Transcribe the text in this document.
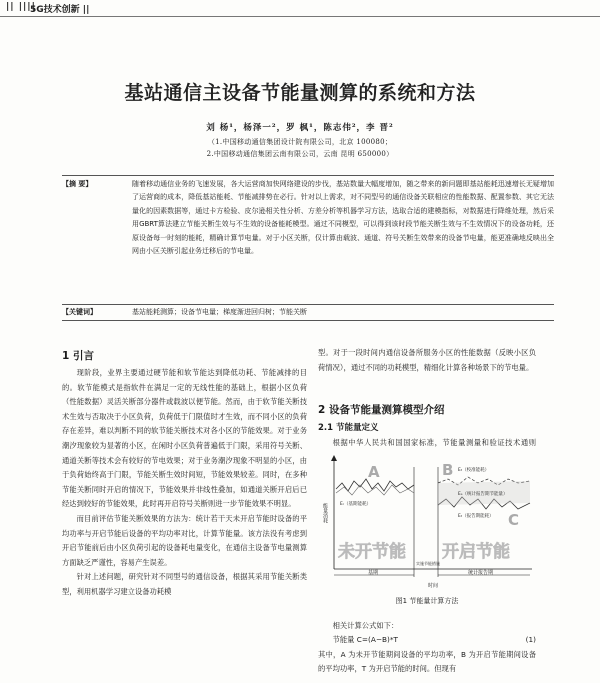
|| ||||
5G技术创新 ||
基站通信主设备节能量测算的系统和方法
刘 杨¹，杨泽一²，罗 枫¹，陈志伟²，李 晋²
（1.中国移动通信集团设计院有限公司，北京 100080；
2.中国移动通信集团云南有限公司，云南 昆明 650000）
【摘 要】	随着移动通信业务的飞速发展，各大运营商加快网络建设的步伐，基站数量大幅度增加，随之带来的新问题即基站能耗迅速增长无疑增加了运营商的成本，降低基站能耗、节能减排势在必行。针对以上需求，对不同型号的通信设备关联相应的性能数据、配置参数、其它无法量化的因素数据等，通过卡方检验、皮尔逊相关性分析、方差分析等机器学习方法，选取合适的建模指标，对数据进行降维处理，然后采用GBRT算法建立节能关断生效与不生效的设备能耗模型。通过不同模型，可以得到该时段节能关断生效与不生效情况下的设备功耗，还原设备每一时刻的能耗，精确计算节电量。对于小区关断，仅计算由载波、通道、符号关断生效带来的设备节电量，能更准确地反映出全网由小区关断引起业务迁移后的节电量。
【关键词】	基站能耗测算；设备节电量；梯度渐进回归树；节能关断
1 引言

现阶段，业界主要通过硬节能和软节能达到降低功耗、节能减排的目的。软节能模式是指软件在满足一定的无线性能的基础上，根据小区负荷（性能数据）灵活关断部分器件或载波以便节能。然而，由于软节能关断技术生效与否取决于小区负荷，负荷低于门限值时才生效，而不同小区的负荷存在差异，难以判断不同的软节能关断技术对各小区的节能效果。对于业务潮汐现象较为显著的小区，在闲时小区负荷普遍低于门限，采用符号关断、通道关断等技术会有较好的节电效果；对于业务潮汐现象不明显的小区，由于负荷始终高于门限，节能关断生效时间短，节能效果较差。同时，在多种节能关断同时开启的情况下，节能效果并非线性叠加，如通道关断开启后已经达到较好的节能效果，此时再开启符号关断则进一步节能效果不明显。

而目前评估节能关断效果的方法为：统计若干天未开启节能时设备的平均功率与开启节能后设备的平均功率对比，计算节能量。该方法没有考虑到开启节能前后由小区负荷引起的设备耗电量变化，在通信主设备节电量测算方面缺乏严谨性，容易产生误差。

针对上述问题，研究针对不同型号的通信设备，根据其采用节能关断类型，利用机器学习建立设备功耗模

型。对于一段时间内通信设备所服务小区的性能数据（反映小区负荷情况），通过不同的功耗模型，精细化计算各种场景下的节电量。

2 设备节能量测算模型介绍
2.1 节能量定义

根据中华人民共和国国家标准，节能量测量和验证技术通则

A	B
C
Eᵣ（基期能耗）
Eₜ（校准能耗）
Eₛ（统计报告期节能量）
Eₜ（报告期能耗）
能量消耗
基期
实施节能措施
统计报告期
时间
未开节能 开启节能
图1 节能量计算方法
相关计算公式如下：
节能量 C=(A−B)*T	(1)
其中，A 为未开节能期间设备的平均功率，B 为开启节能期间设备的平均功率，T 为开启节能的时间。但现有
